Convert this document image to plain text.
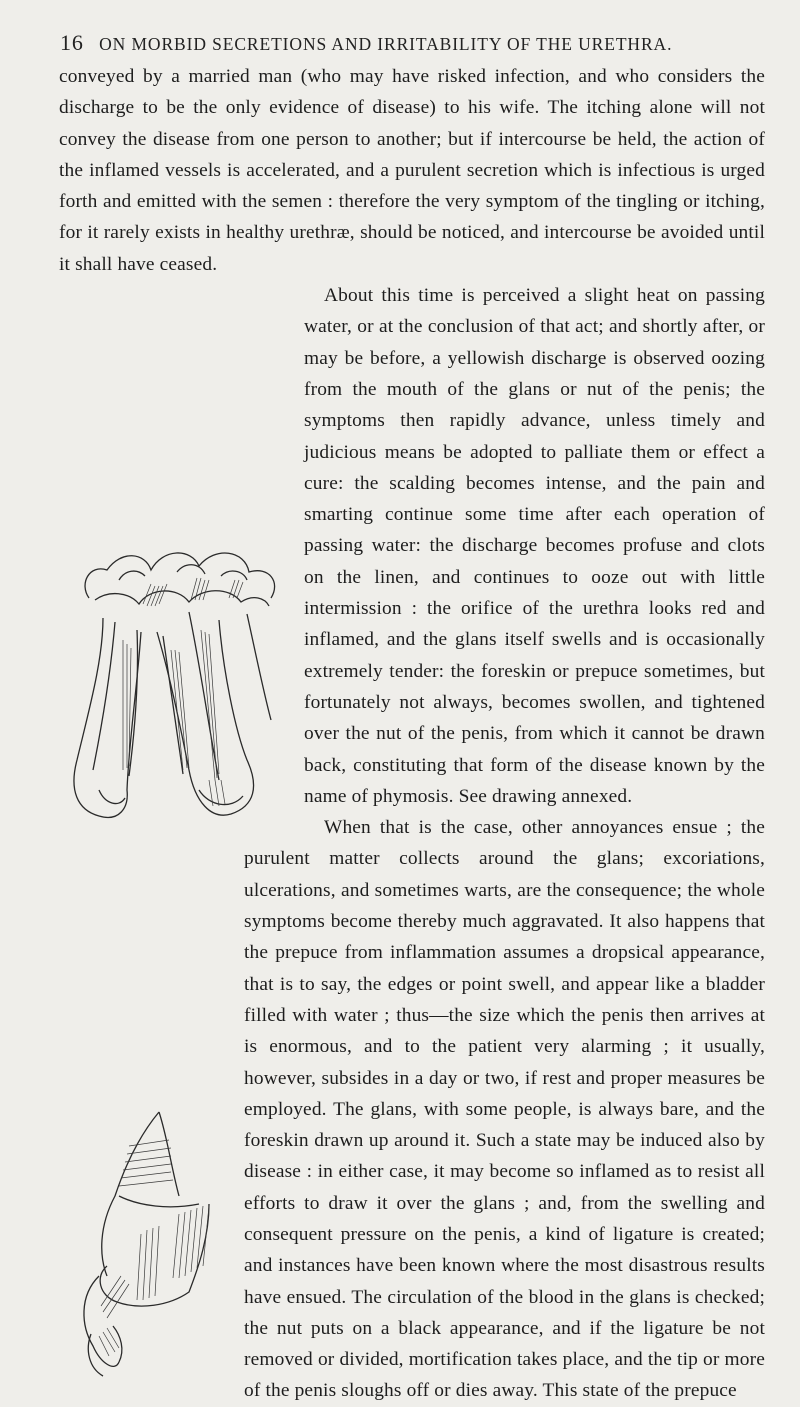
16 ON MORBID SECRETIONS AND IRRITABILITY OF THE URETHRA.

conveyed by a married man (who may have risked infection, and who considers the discharge to be the only evidence of disease) to his wife. The itching alone will not convey the disease from one person to another; but if intercourse be held, the action of the inflamed vessels is accelerated, and a purulent secretion which is infectious is urged forth and emitted with the semen : therefore the very symptom of the tingling or itching, for it rarely exists in healthy urethræ, should be noticed, and intercourse be avoided until it shall have ceased.

About this time is perceived a slight heat on passing water, or at the conclusion of that act; and shortly after, or may be before, a yellowish discharge is observed oozing from the mouth of the glans or nut of the penis; the symptoms then rapidly advance, unless timely and judicious means be adopted to palliate them or effect a cure: the scalding becomes intense, and the pain and smarting continue some time after each operation of passing water: the discharge becomes profuse and clots on the linen, and continues to ooze out with little intermission : the orifice of the urethra looks red and inflamed, and the glans itself swells and is occasionally extremely tender: the foreskin or prepuce sometimes, but fortunately not always, becomes swollen, and tightened over the nut of the penis, from which it cannot be drawn back, constituting that form of the disease known by the name of phymosis. See drawing annexed.

When that is the case, other annoyances ensue ; the purulent matter collects around the glans; excoriations, ulcerations, and sometimes warts, are the consequence; the whole symptoms become thereby much aggravated. It also happens that the prepuce from inflammation assumes a dropsical appearance, that is to say, the edges or point swell, and appear like a bladder filled with water ; thus—the size which the penis then arrives at is enormous, and to the patient very alarming ; it usually, however, subsides in a day or two, if rest and proper measures be employed. The glans, with some people, is always bare, and the foreskin drawn up around it. Such a state may be induced also by disease : in either case, it may become so inflamed as to resist all efforts to draw it over the glans ; and, from the swelling and consequent pressure on the penis, a kind of ligature is created; and instances have been known where the most disastrous results have ensued. The circulation of the blood in the glans is checked; the nut puts on a black appearance, and if the ligature be not removed or divided, mortification takes place, and the tip or more of the penis sloughs off or dies away. This state of the prepuce
